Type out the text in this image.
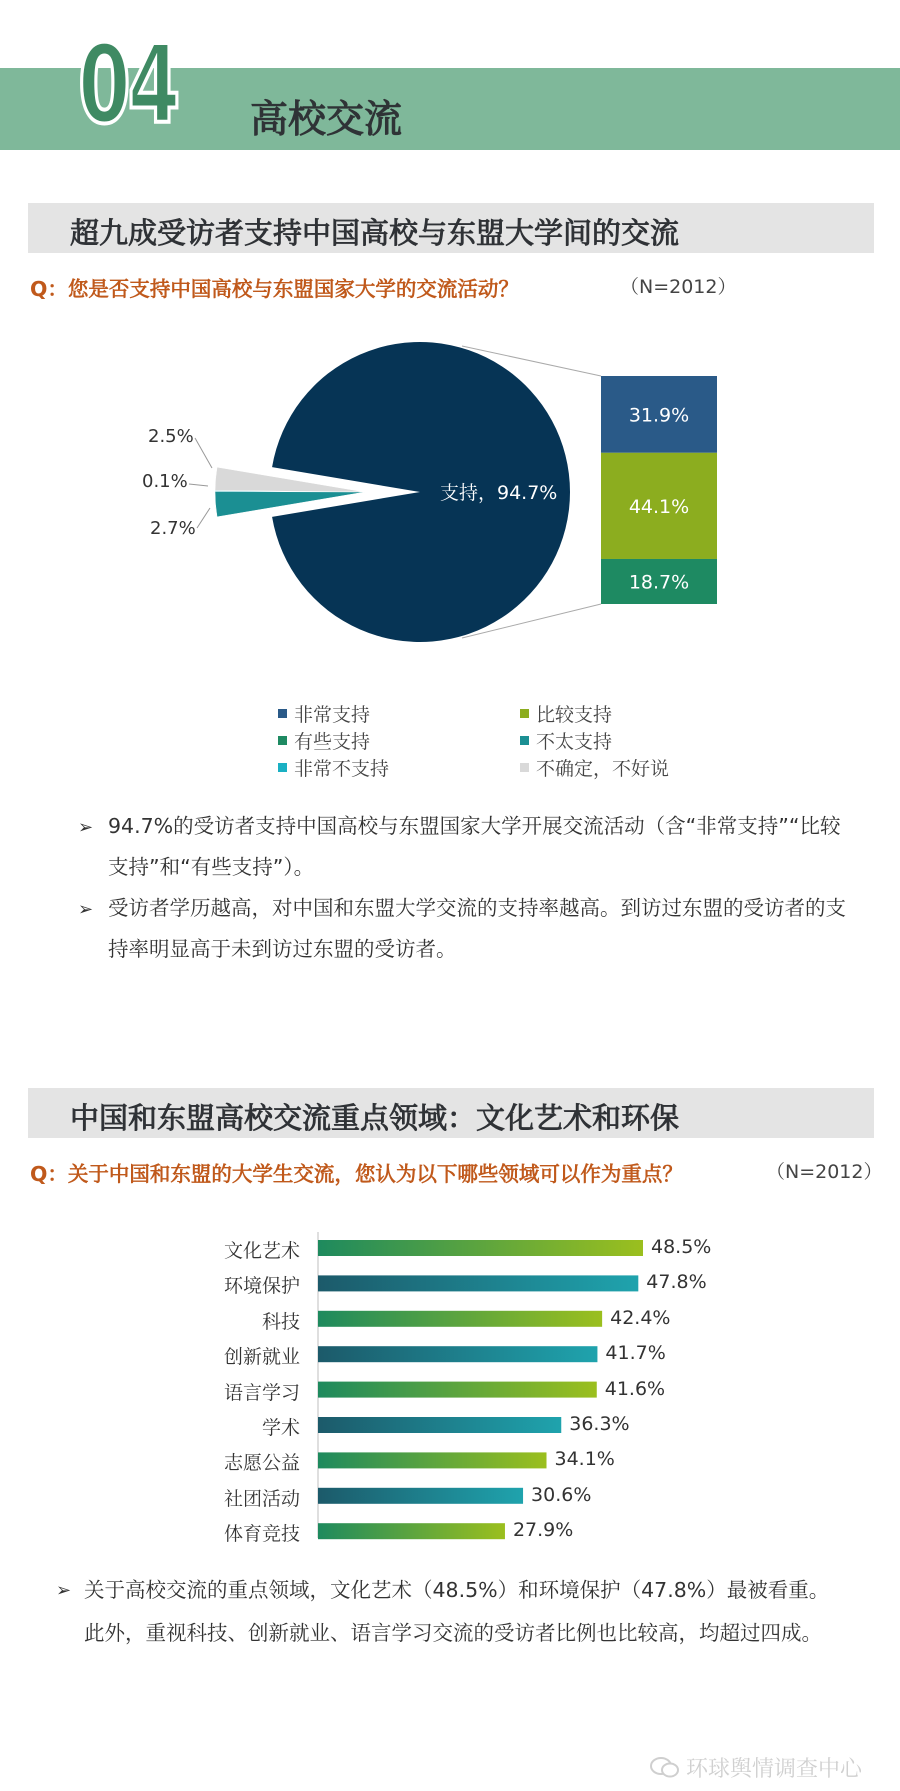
04 高校交流
超九成受访者支持中国高校与东盟大学间的交流
Q：您是否支持中国高校与东盟国家大学的交流活动？	（N=2012）
31.9%
44.1%
18.7%
支持，94.7%
2.5%
0.1%
2.7%
非常支持	比较支持
有些支持	不太支持
非常不支持	不确定，不好说
➢ 94.7%的受访者支持中国高校与东盟国家大学开展交流活动（含“非常支持”“比较支持”和“有些支持”）。
➢ 受访者学历越高，对中国和东盟大学交流的支持率越高。到访过东盟的受访者的支持率明显高于未到访过东盟的受访者。
中国和东盟高校交流重点领域：文化艺术和环保
Q：关于中国和东盟的大学生交流，您认为以下哪些领域可以作为重点？	（N=2012）
文化艺术	48.5%
环境保护	47.8%
科技	42.4%
创新就业	41.7%
语言学习	41.6%
学术	36.3%
志愿公益	34.1%
社团活动	30.6%
体育竞技	27.9%
➢ 关于高校交流的重点领域，文化艺术（48.5%）和环境保护（47.8%）最被看重。此外，重视科技、创新就业、语言学习交流的受访者比例也比较高，均超过四成。
环球舆情调查中心
